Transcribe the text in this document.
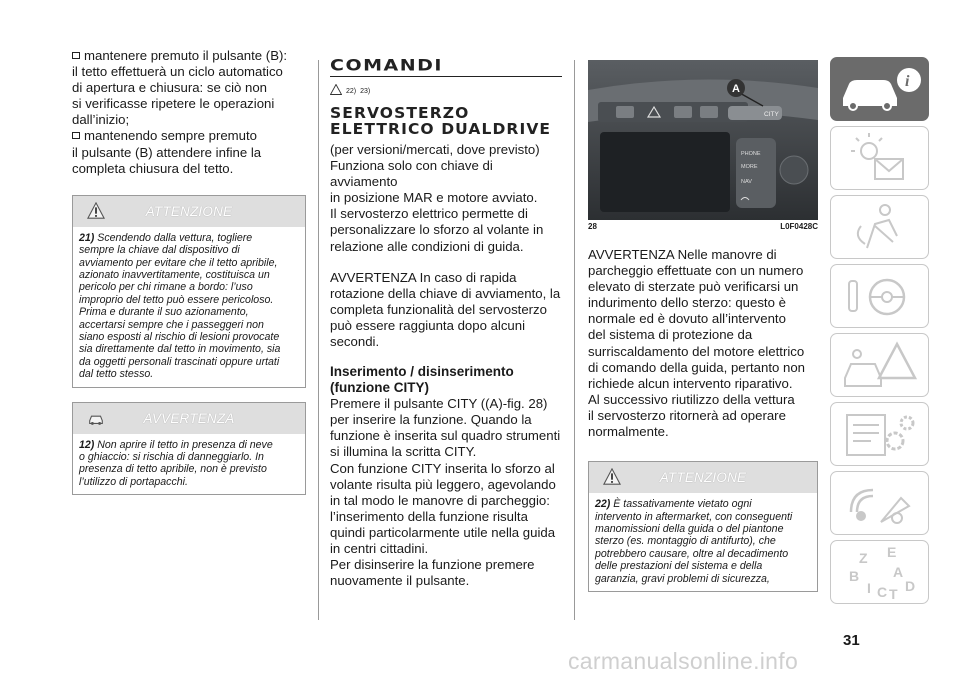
mantenere premuto il pulsante (B):
il tetto effettuerà un ciclo automatico
di apertura e chiusura: se ciò non
si verificasse ripetere le operazioni
dall’inizio;
mantenendo sempre premuto
il pulsante (B) attendere infine la
completa chiusura del tetto.
ATTENZIONE
21) Scendendo dalla vettura, togliere
sempre la chiave dal dispositivo di
avviamento per evitare che il tetto apribile,
azionato inavvertitamente, costituisca un
pericolo per chi rimane a bordo: l’uso
improprio del tetto può essere pericoloso.
Prima e durante il suo azionamento,
accertarsi sempre che i passeggeri non
siano esposti al rischio di lesioni provocate
sia direttamente dal tetto in movimento, sia
da oggetti personali trascinati oppure urtati
dal tetto stesso.
AVVERTENZA
12) Non aprire il tetto in presenza di neve
o ghiaccio: si rischia di danneggiarlo. In
presenza di tetto apribile, non è previsto
l’utilizzo di portapacchi.
COMANDI
22) 23)
SERVOSTERZO
ELETTRICO DUALDRIVE
(per versioni/mercati, dove previsto)
Funziona solo con chiave di avviamento
in posizione MAR e motore avviato.
Il servosterzo elettrico permette di
personalizzare lo sforzo al volante in
relazione alle condizioni di guida.
AVVERTENZA In caso di rapida
rotazione della chiave di avviamento, la
completa funzionalità del servosterzo
può essere raggiunta dopo alcuni
secondi.
Inserimento / disinserimento
(funzione CITY)
Premere il pulsante CITY ((A)-fig. 28)
per inserire la funzione. Quando la
funzione è inserita sul quadro strumenti
si illumina la scritta CITY.
Con funzione CITY inserita lo sforzo al
volante risulta più leggero, agevolando
in tal modo le manovre di parcheggio:
l’inserimento della funzione risulta
quindi particolarmente utile nella guida
in centri cittadini.
Per disinserire la funzione premere
nuovamente il pulsante.
CITY
A
PHONE
MORE
NAV
28	L0F0428C
AVVERTENZA Nelle manovre di
parcheggio effettuate con un numero
elevato di sterzate può verificarsi un
indurimento dello sterzo: questo è
normale ed è dovuto all’intervento
del sistema di protezione da
surriscaldamento del motore elettrico
di comando della guida, pertanto non
richiede alcun intervento riparativo.
Al successivo riutilizzo della vettura
il servosterzo ritornerà ad operare
normalmente.
ATTENZIONE
22) È tassativamente vietato ogni
intervento in aftermarket, con conseguenti
manomissioni della guida o del piantone
sterzo (es. montaggio di antifurto), che
potrebbero causare, oltre al decadimento
delle prestazioni del sistema e della
garanzia, gravi problemi di sicurezza,
i
Z E
B A
I C T D
31
carmanualsonline.info
